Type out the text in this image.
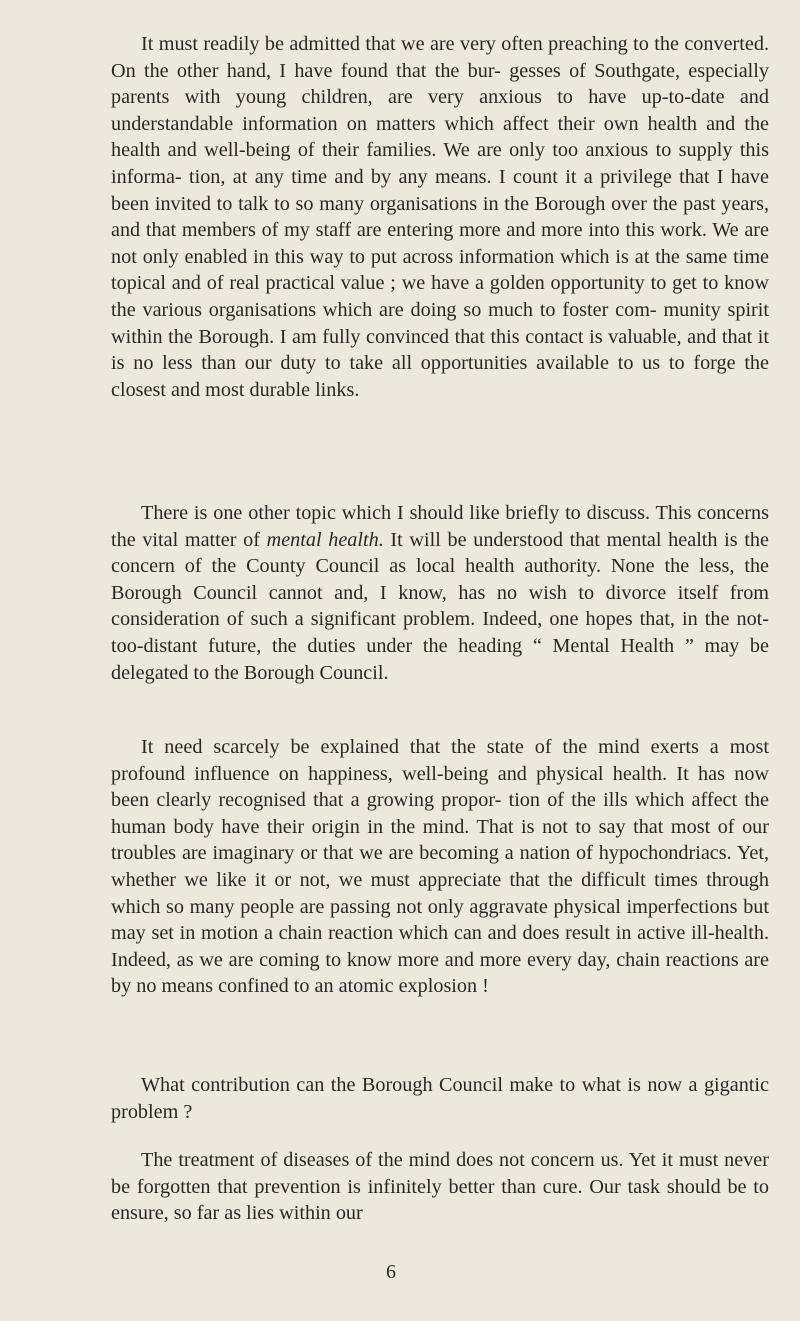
It must readily be admitted that we are very often preaching to the converted. On the other hand, I have found that the bur- gesses of Southgate, especially parents with young children, are very anxious to have up-to-date and understandable information on matters which affect their own health and the health and well-being of their families. We are only too anxious to supply this informa- tion, at any time and by any means. I count it a privilege that I have been invited to talk to so many organisations in the Borough over the past years, and that members of my staff are entering more and more into this work. We are not only enabled in this way to put across information which is at the same time topical and of real practical value ; we have a golden opportunity to get to know the various organisations which are doing so much to foster com- munity spirit within the Borough. I am fully convinced that this contact is valuable, and that it is no less than our duty to take all opportunities available to us to forge the closest and most durable links.

There is one other topic which I should like briefly to discuss. This concerns the vital matter of mental health. It will be understood that mental health is the concern of the County Council as local health authority. None the less, the Borough Council cannot and, I know, has no wish to divorce itself from consideration of such a significant problem. Indeed, one hopes that, in the not-too-distant future, the duties under the heading “ Mental Health ” may be delegated to the Borough Council.

It need scarcely be explained that the state of the mind exerts a most profound influence on happiness, well-being and physical health. It has now been clearly recognised that a growing propor- tion of the ills which affect the human body have their origin in the mind. That is not to say that most of our troubles are imaginary or that we are becoming a nation of hypochondriacs. Yet, whether we like it or not, we must appreciate that the difficult times through which so many people are passing not only aggravate physical imperfections but may set in motion a chain reaction which can and does result in active ill-health. Indeed, as we are coming to know more and more every day, chain reactions are by no means confined to an atomic explosion !

What contribution can the Borough Council make to what is now a gigantic problem ?

The treatment of diseases of the mind does not concern us. Yet it must never be forgotten that prevention is infinitely better than cure. Our task should be to ensure, so far as lies within our

6
